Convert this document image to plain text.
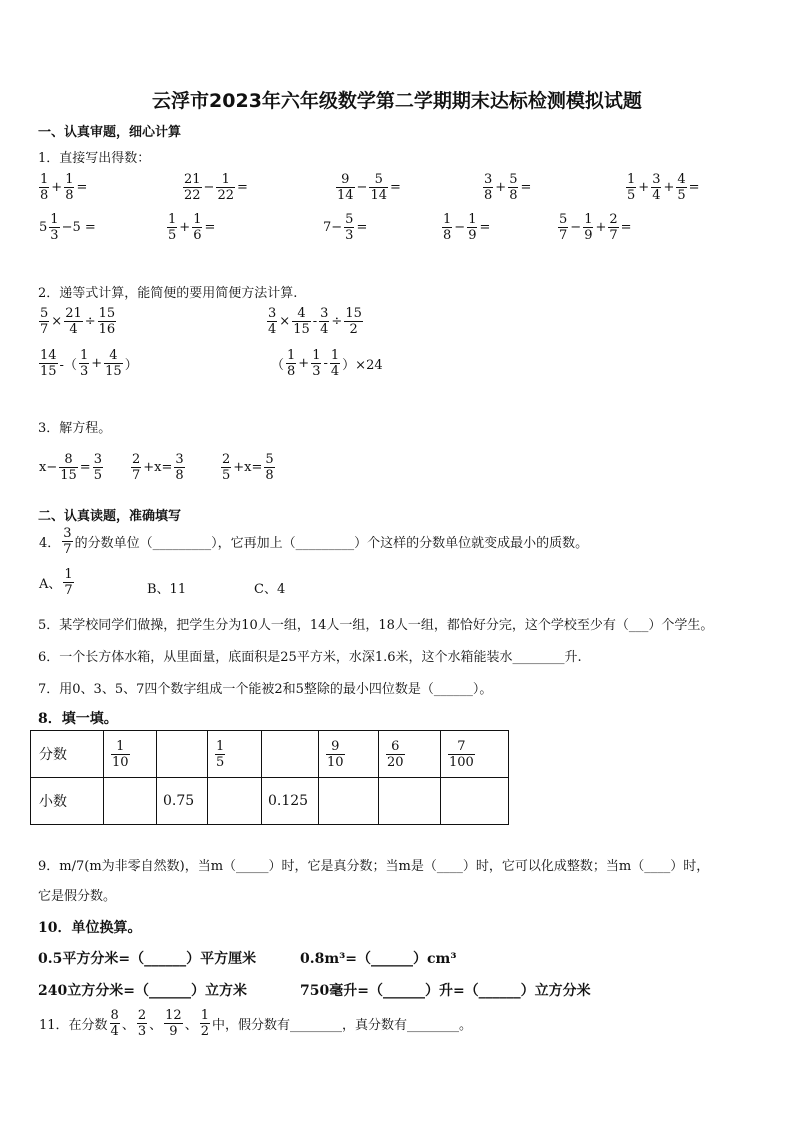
云浮市2023年六年级数学第二学期期末达标检测模拟试题
一、认真审题，细心计算
1．直接写出得数：
$\frac{1}{8} + \frac{1}{8}$ =	$\frac{21}{22} - \frac{1}{22}$ =	$\frac{9}{14} - \frac{5}{14}$ =	$\frac{3}{8} + \frac{5}{8}$ =	$\frac{1}{5} + \frac{3}{4} + \frac{4}{5}$ =
$5 \frac{1}{3} -5$ =	$\frac{1}{5} + \frac{1}{6}$ =	$7- \frac{5}{3}$ =	$\frac{1}{8} - \frac{1}{9}$ =	$\frac{5}{7} - \frac{1}{9} + \frac{2}{7}$ =
2．递等式计算，能简便的要用简便方法计算.
$\frac{5}{7} \times \frac{21}{4} \div \frac{15}{16}$	$\frac{3}{4} \times \frac{4}{15} - \frac{3}{4} \div \frac{15}{2}$
$\frac{14}{15}$ -（ $\frac{1}{3} + \frac{4}{15}$ ）	（ $\frac{1}{8} + \frac{1}{3} - \frac{1}{4} )\times 24$
3．解方程。
$x- \frac{8}{15} = \frac{3}{5} \frac{2}{7} +x= \frac{3}{8}$	$\frac{2}{5} +x= \frac{5}{8}$
二、认真读题，准确填写
4． $\frac{3}{7}$ 的分数单位（_________），它再加上（_________）个这样的分数单位就变成最小的质数。
A、 $\frac{1}{7}$	B、11	C、4
5．某学校同学们做操，把学生分为10人一组，14人一组，18人一组，都恰好分完，这个学校至少有（___）个学生。
6．一个长方体水箱，从里面量，底面积是25平方米，水深1.6米，这个水箱能装水________升.
7．用0、3、5、7四个数字组成一个能被2和5整除的最小四位数是（______）。
8．填一填。
分数	$\frac{1}{10}$		$\frac{1}{5}$		$\frac{9}{10}$	$\frac{6}{20}$	$\frac{7}{100}$

小数		0.75		0.125			
9．m/7(m为非零自然数)，当m（_____）时，它是真分数；当m是（____）时，它可以化成整数；当m（____）时，
它是假分数。
10．单位换算。
0.5平方分米=（______）平方厘米	0.8m³=（______）cm³
240立方分米=（______）立方米	750毫升=（______）升=（______）立方分米
11．在分数 $\frac{8}{4}$ 、 $\frac{2}{3}$ 、 $\frac{12}{9}$ 、 $\frac{1}{2}$ 中，假分数有________，真分数有________。
